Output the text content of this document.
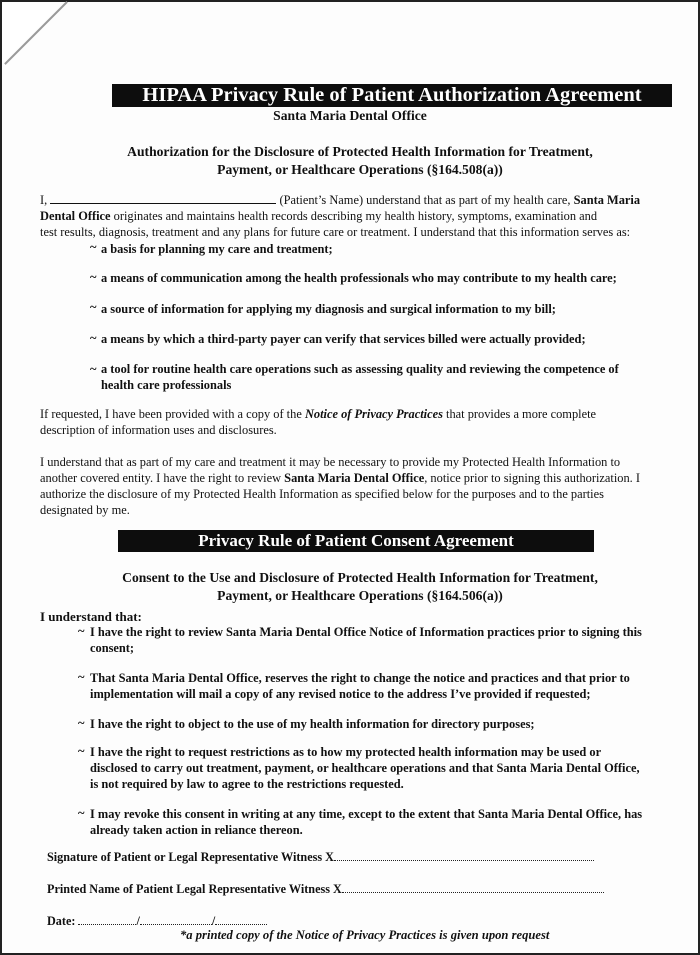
HIPAA Privacy Rule of Patient Authorization Agreement
Santa Maria Dental Office
Authorization for the Disclosure of Protected Health Information for Treatment,
Payment, or Healthcare Operations (§164.508(a))
I,	(Patient’s Name) understand that as part of my health care, Santa Maria
Dental Office originates and maintains health records describing my health history, symptoms, examination and
test results, diagnosis, treatment and any plans for future care or treatment. I understand that this information serves as:
~ a basis for planning my care and treatment;
~ a means of communication among the health professionals who may contribute to my health care;
~ a source of information for applying my diagnosis and surgical information to my bill;
~ a means by which a third-party payer can verify that services billed were actually provided;
~ a tool for routine health care operations such as assessing quality and reviewing the competence of
health care professionals
If requested, I have been provided with a copy of the Notice of Privacy Practices that provides a more complete
description of information uses and disclosures.
I understand that as part of my care and treatment it may be necessary to provide my Protected Health Information to
another covered entity. I have the right to review Santa Maria Dental Office, notice prior to signing this authorization. I
authorize the disclosure of my Protected Health Information as specified below for the purposes and to the parties
designated by me.
Privacy Rule of Patient Consent Agreement
Consent to the Use and Disclosure of Protected Health Information for Treatment,
Payment, or Healthcare Operations (§164.506(a))
I understand that:
~ I have the right to review Santa Maria Dental Office Notice of Information practices prior to signing this
consent;
~ That Santa Maria Dental Office, reserves the right to change the notice and practices and that prior to
implementation will mail a copy of any revised notice to the address I’ve provided if requested;
~ I have the right to object to the use of my health information for directory purposes;
~ I have the right to request restrictions as to how my protected health information may be used or
disclosed to carry out treatment, payment, or healthcare operations and that Santa Maria Dental Office,
is not required by law to agree to the restrictions requested.
~ I may revoke this consent in writing at any time, except to the extent that Santa Maria Dental Office, has
already taken action in reliance thereon.
Signature of Patient or Legal Representative Witness X
Printed Name of Patient Legal Representative Witness X
Date:	/	/
*a printed copy of the Notice of Privacy Practices is given upon request
